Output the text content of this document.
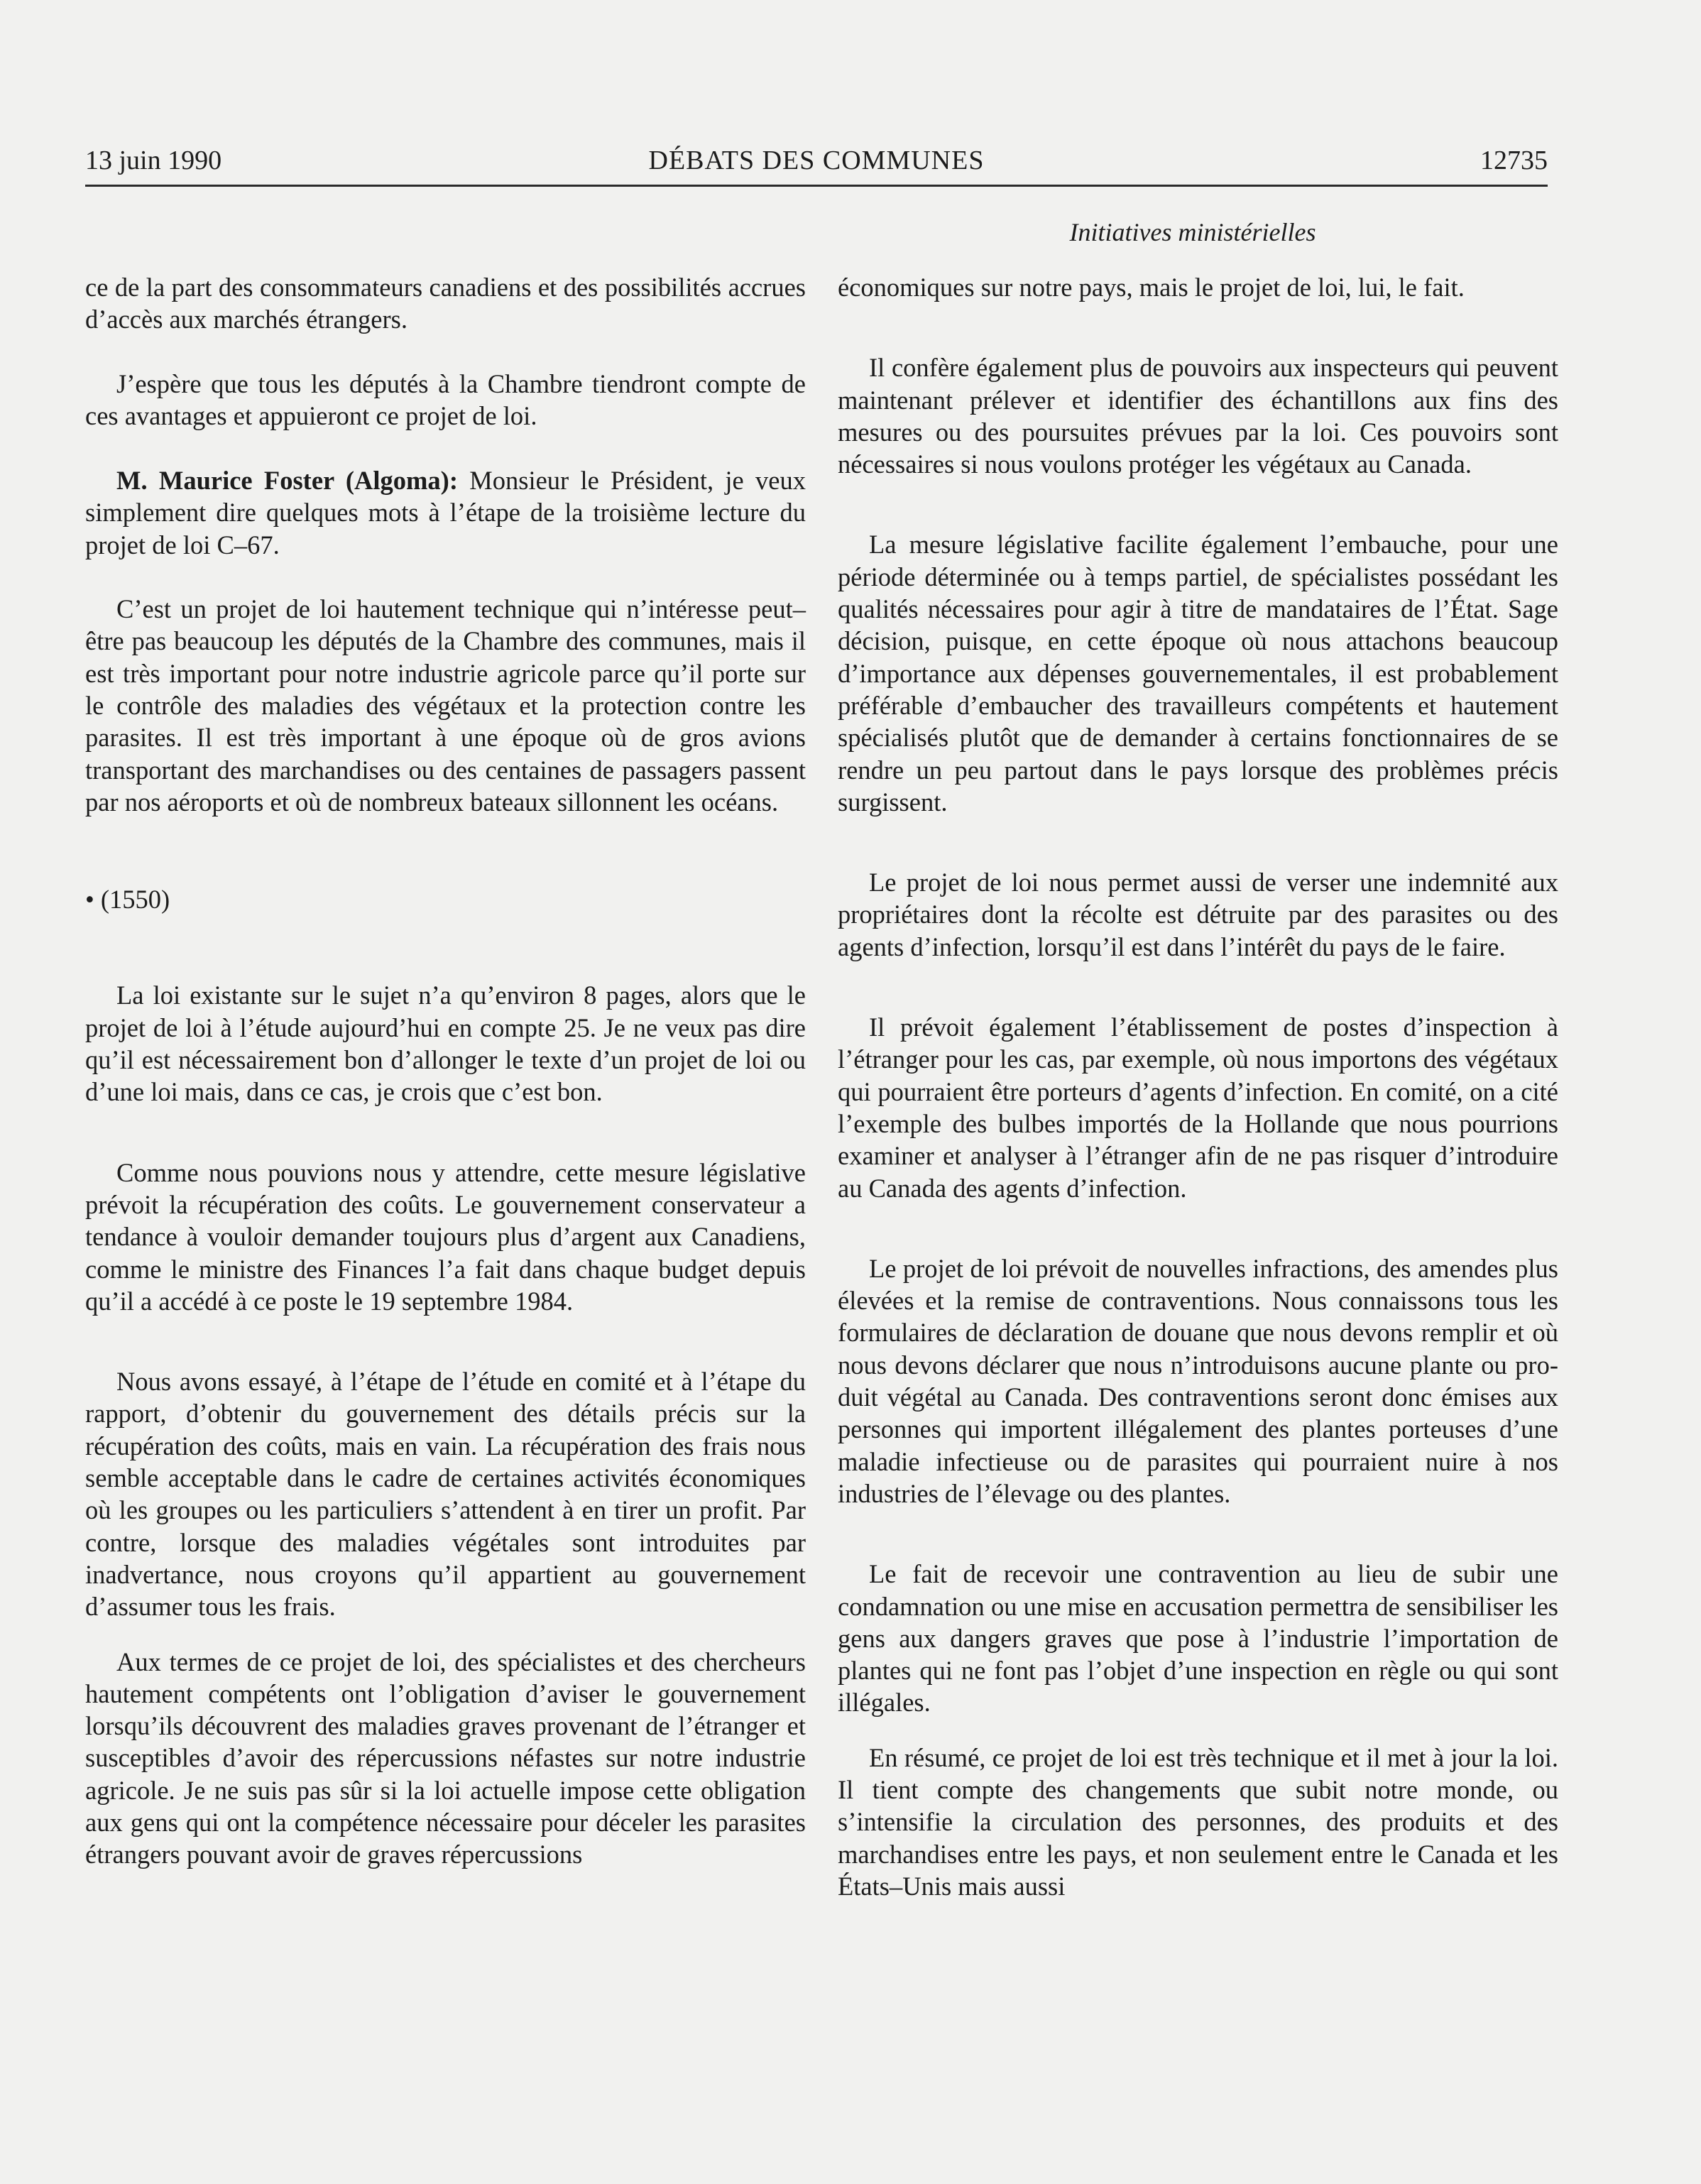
13 juin 1990	DÉBATS DES COMMUNES	12735
Initiatives ministérielles

ce de la part des consommateurs canadiens et des possibilités accrues d’accès aux marchés étrangers.

J’espère que tous les députés à la Chambre tiendront compte de ces avantages et appuieront ce projet de loi.

M. Maurice Foster (Algoma): Monsieur le Président, je veux simplement dire quelques mots à l’étape de la troisième lecture du projet de loi C–67.

C’est un projet de loi hautement technique qui n’intéresse peut–être pas beaucoup les députés de la Chambre des communes, mais il est très important pour notre industrie agricole parce qu’il porte sur le contrôle des maladies des végétaux et la protection contre les parasites. Il est très important à une époque où de gros avions transportant des marchandises ou des centaines de passagers passent par nos aéroports et où de nombreux bateaux sillonnent les océans.

• (1550)

La loi existante sur le sujet n’a qu’environ 8 pages, alors que le projet de loi à l’étude aujourd’hui en compte 25. Je ne veux pas dire qu’il est nécessairement bon d’allonger le texte d’un projet de loi ou d’une loi mais, dans ce cas, je crois que c’est bon.

Comme nous pouvions nous y attendre, cette mesure législative prévoit la récupération des coûts. Le gouvernement conservateur a tendance à vouloir demander toujours plus d’argent aux Canadiens, comme le ministre des Finances l’a fait dans chaque budget depuis qu’il a accédé à ce poste le 19 septembre 1984.

Nous avons essayé, à l’étape de l’étude en comité et à l’étape du rapport, d’obtenir du gouvernement des détails précis sur la récupération des coûts, mais en vain. La récupération des frais nous semble acceptable dans le cadre de certaines activités économiques où les groupes ou les particuliers s’attendent à en tirer un profit. Par contre, lorsque des maladies végétales sont introduites par inadvertance, nous croyons qu’il appartient au gouvernement d’assumer tous les frais.

Aux termes de ce projet de loi, des spécialistes et des chercheurs hautement compétents ont l’obligation d’aviser le gouvernement lorsqu’ils découvrent des maladies graves provenant de l’étranger et susceptibles d’avoir des répercussions néfastes sur notre industrie agricole. Je ne suis pas sûr si la loi actuelle impose cette obligation aux gens qui ont la compétence nécessaire pour déceler les parasites étrangers pouvant avoir de graves répercussions

économiques sur notre pays, mais le projet de loi, lui, le fait.

Il confère également plus de pouvoirs aux inspecteurs qui peuvent maintenant prélever et identifier des échantillons aux fins des mesures ou des poursuites prévues par la loi. Ces pouvoirs sont nécessaires si nous voulons protéger les végétaux au Canada.

La mesure législative facilite également l’embauche, pour une période déterminée ou à temps partiel, de spécialistes possédant les qualités nécessaires pour agir à titre de mandataires de l’État. Sage décision, puisque, en cette époque où nous attachons beaucoup d’importance aux dépenses gouvernementales, il est probablement préférable d’embaucher des travailleurs compétents et hautement spécialisés plutôt que de demander à certains fonctionnaires de se rendre un peu partout dans le pays lorsque des problèmes précis surgissent.

Le projet de loi nous permet aussi de verser une indemnité aux propriétaires dont la récolte est détruite par des parasites ou des agents d’infection, lorsqu’il est dans l’intérêt du pays de le faire.

Il prévoit également l’établissement de postes d’inspection à l’étranger pour les cas, par exemple, où nous importons des végétaux qui pourraient être porteurs d’agents d’infection. En comité, on a cité l’exemple des bulbes importés de la Hollande que nous pourrions examiner et analyser à l’étranger afin de ne pas risquer d’introduire au Canada des agents d’infection.

Le projet de loi prévoit de nouvelles infractions, des amendes plus élevées et la remise de contraventions. Nous connaissons tous les formulaires de déclaration de douane que nous devons remplir et où nous devons déclarer que nous n’introduisons aucune plante ou produit végétal au Canada. Des contraventions seront donc émises aux personnes qui importent illégalement des plantes porteuses d’une maladie infectieuse ou de parasites qui pourraient nuire à nos industries de l’élevage ou des plantes.

Le fait de recevoir une contravention au lieu de subir une condamnation ou une mise en accusation permettra de sensibiliser les gens aux dangers graves que pose à l’industrie l’importation de plantes qui ne font pas l’objet d’une inspection en règle ou qui sont illégales.

En résumé, ce projet de loi est très technique et il met à jour la loi. Il tient compte des changements que subit notre monde, ou s’intensifie la circulation des personnes, des produits et des marchandises entre les pays, et non seulement entre le Canada et les États–Unis mais aussi
